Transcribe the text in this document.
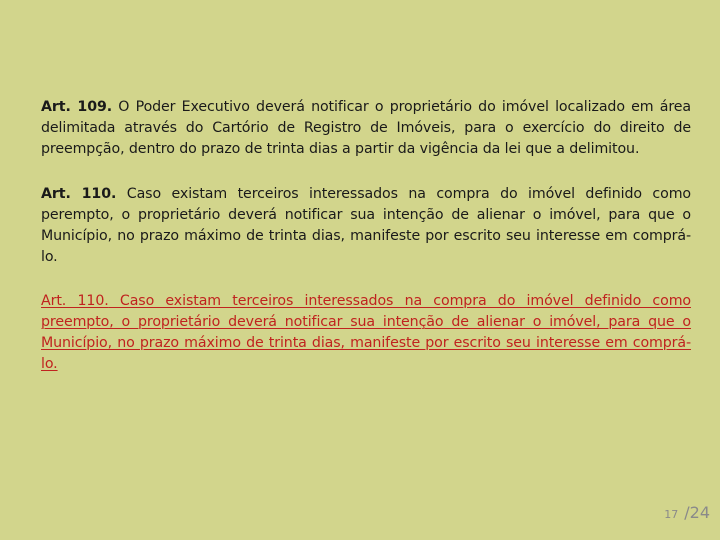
Art. 109. O Poder Executivo deverá notificar o proprietário do imóvel localizado em área delimitada através do Cartório de Registro de Imóveis, para o exercício do direito de preempção, dentro do prazo de trinta dias a partir da vigência da lei que a delimitou.

Art. 110. Caso existam terceiros interessados na compra do imóvel definido como perempto, o proprietário deverá notificar sua intenção de alienar o imóvel, para que o Município, no prazo máximo de trinta dias, manifeste por escrito seu interesse em comprá-lo.

Art. 110. Caso existam terceiros interessados na compra do imóvel definido como preempto, o proprietário deverá notificar sua intenção de alienar o imóvel, para que o Município, no prazo máximo de trinta dias, manifeste por escrito seu interesse em comprá-lo.

17 /24
